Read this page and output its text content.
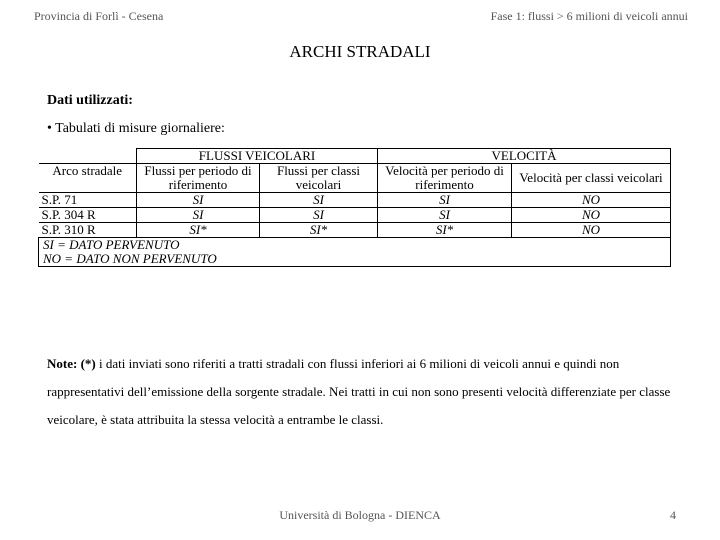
Provincia di Forlì - Cesena	Fase 1: flussi > 6 milioni di veicoli annui
ARCHI STRADALI
Dati utilizzati:
• Tabulati di misure giornaliere:
	FLUSSI VEICOLARI		VELOCITÀ	
Arco stradale	Flussi per periodo di	Flussi per classi	Velocità per periodo di	Velocità per classi veicolari
	riferimento	veicolari	riferimento	
S.P. 71	SI	SI	SI	NO
S.P. 304 R	SI	SI	SI	NO
S.P. 310 R	SI*	SI*	SI*	NO
SI = DATO PERVENUTO				
NO = DATO NON PERVENUTO				
Note: (*) i dati inviati sono riferiti a tratti stradali con flussi inferiori ai 6 milioni di veicoli annui e quindi non rappresentativi dell’emissione della sorgente stradale. Nei tratti in cui non sono presenti velocità differenziate per classe veicolare, è stata attribuita la stessa velocità a entrambe le classi.
Università di Bologna - DIENCA	4
